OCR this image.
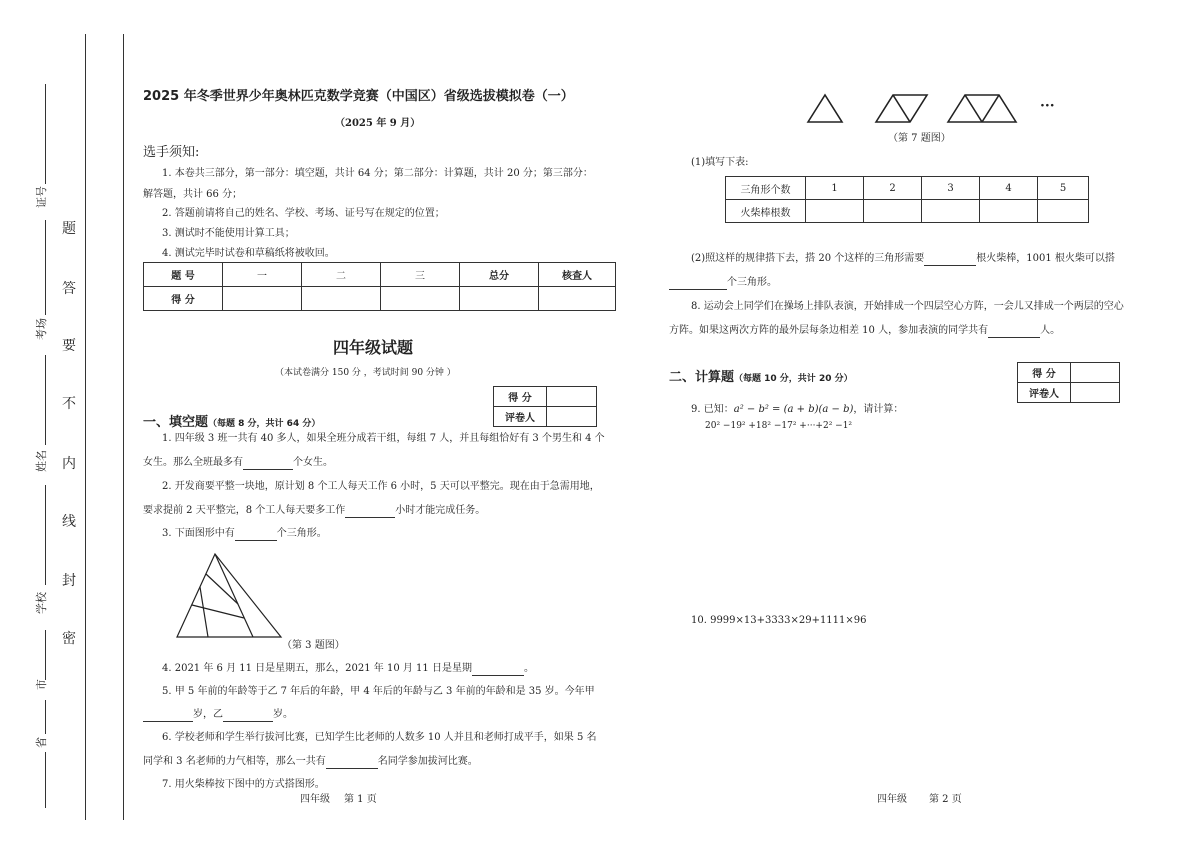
证号
考场
姓名
学校
市
省
题
答
要
不
内
线
封
密
2025 年冬季世界少年奥林匹克数学竞赛（中国区）省级选拔模拟卷（一）
（2025 年 9 月）
选手须知:
1. 本卷共三部分，第一部分：填空题，共计 64 分；第二部分：计算题，共计 20 分；第三部分：
解答题，共计 66 分；
2. 答题前请将自己的姓名、学校、考场、证号写在规定的位置；
3. 测试时不能使用计算工具；
4. 测试完毕时试卷和草稿纸将被收回。
题 号	一	二	三	总分	核查人
得 分					
四年级试题
（本试卷满分 150 分 ，考试时间 90 分钟 ）
得 分	
评卷人	
一、填空题（每题 8 分，共计 64 分）
1. 四年级 3 班一共有 40 多人，如果全班分成若干组，每组 7 人，并且每组恰好有 3 个男生和 4 个
女生。那么全班最多有	个女生。
2. 开发商要平整一块地，原计划 8 个工人每天工作 6 小时，5 天可以平整完。现在由于急需用地，
要求提前 2 天平整完，8 个工人每天要多工作	小时才能完成任务。
3. 下面图形中有	个三角形。
（第 3 题图）
4. 2021 年 6 月 11 日是星期五，那么，2021 年 10 月 11 日是星期	。
5. 甲 5 年前的年龄等于乙 7 年后的年龄，甲 4 年后的年龄与乙 3 年前的年龄和是 35 岁。今年甲
岁，乙	岁。
6. 学校老师和学生举行拔河比赛，已知学生比老师的人数多 10 人并且和老师打成平手，如果 5 名
同学和 3 名老师的力气相等，那么一共有	名同学参加拔河比赛。
7. 用火柴棒按下图中的方式搭图形。
四年级 第 1 页
···
（第 7 题图）
(1)填写下表:
三角形个数	1	2	3	4	5
火柴棒根数					
(2)照这样的规律搭下去，搭 20 个这样的三角形需要	根火柴棒，1001 根火柴可以搭
个三角形。
8. 运动会上同学们在操场上排队表演，开始排成一个四层空心方阵，一会儿又排成一个两层的空心
方阵。如果这两次方阵的最外层每条边相差 10 人，参加表演的同学共有	人。
二、计算题（每题 10 分，共计 20 分）	得 分	
评卷人	
9. 已知：a² − b² = (a + b)(a − b)，请计算：
20² −19² +18² −17² +···+2² −1²
10. 9999×13+3333×29+1111×96
四年级 第 2 页
